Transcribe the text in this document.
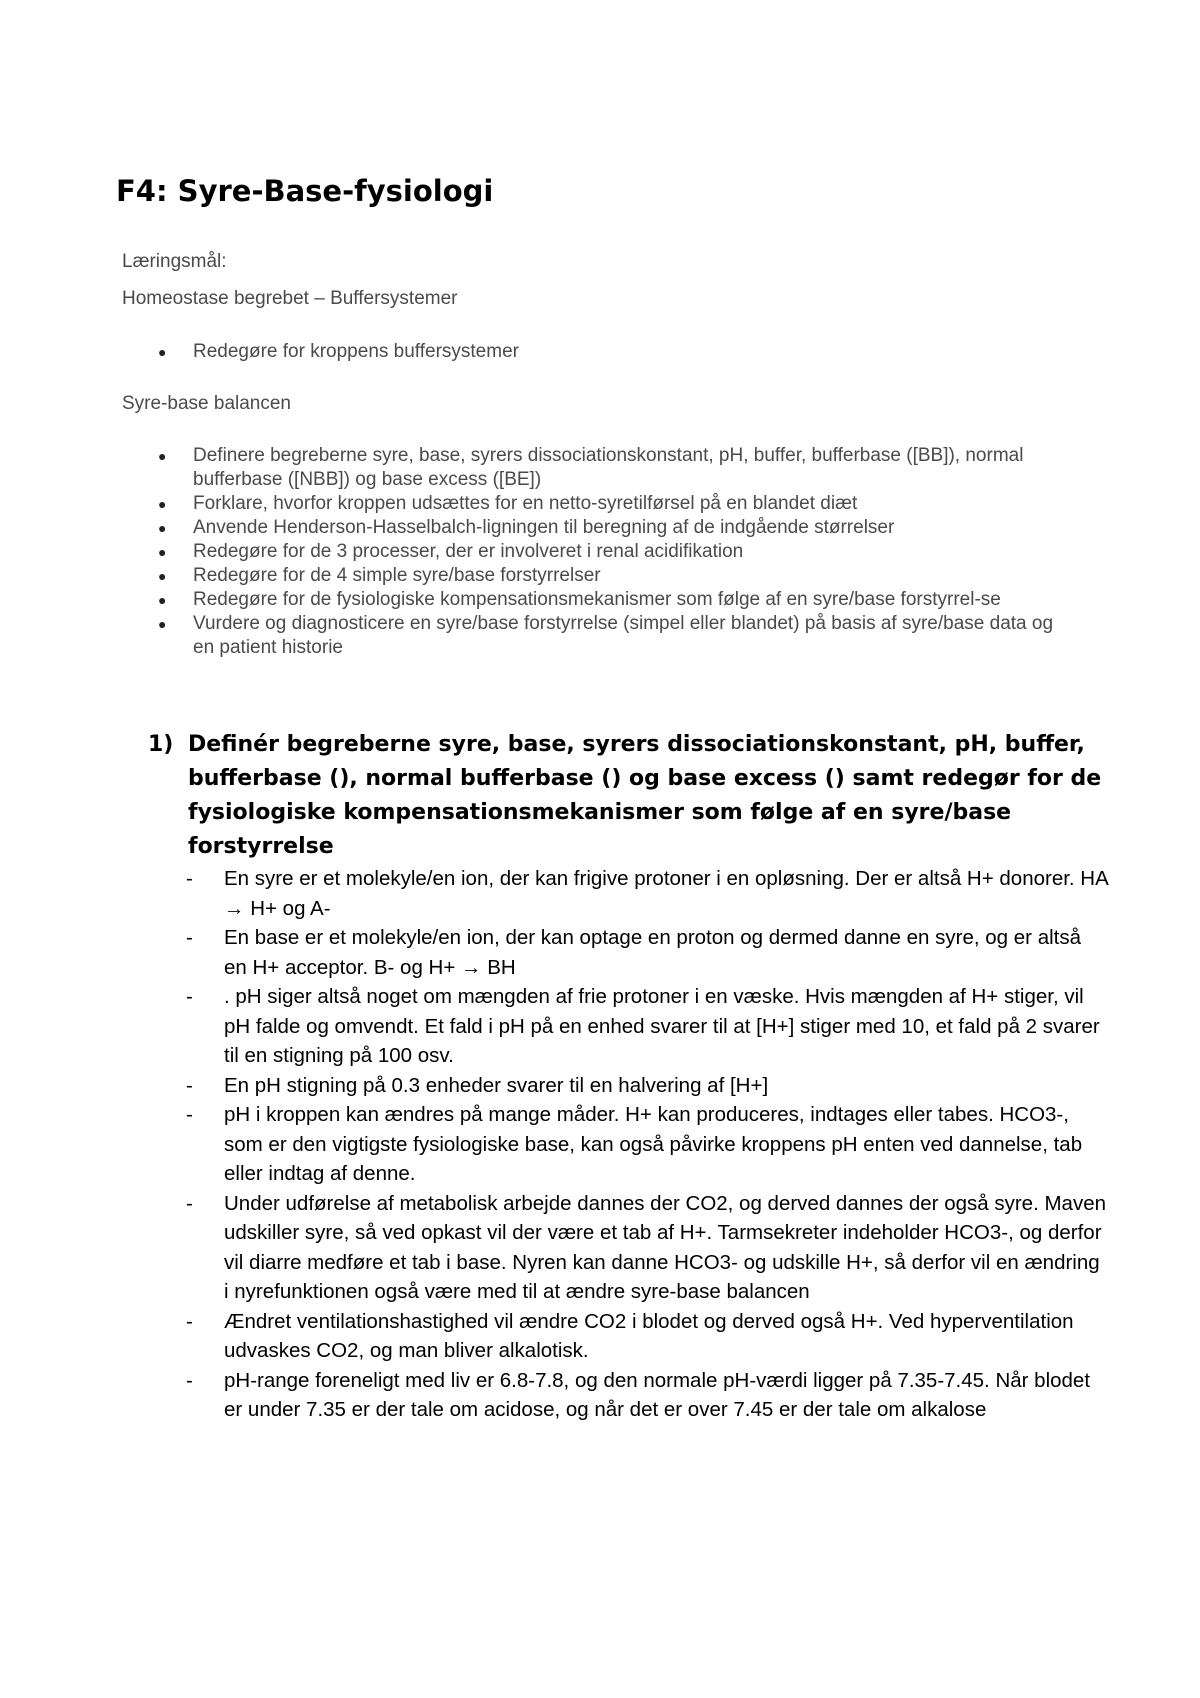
F4: Syre-Base-fysiologi

Læringsmål:

Homeostase begrebet – Buffersystemer

● Redegøre for kroppens buffersystemer

Syre-base balancen

● Definere begreberne syre, base, syrers dissociationskonstant, pH, buffer, bufferbase ([BB]), normal bufferbase ([NBB]) og base excess ([BE])
● Forklare, hvorfor kroppen udsættes for en netto-syretilførsel på en blandet diæt
● Anvende Henderson-Hasselbalch-ligningen til beregning af de indgående størrelser
● Redegøre for de 3 processer, der er involveret i renal acidifikation
● Redegøre for de 4 simple syre/base forstyrrelser
● Redegøre for de fysiologiske kompensationsmekanismer som følge af en syre/base forstyrrel-se
● Vurdere og diagnosticere en syre/base forstyrrelse (simpel eller blandet) på basis af syre/base data og en patient historie
1) Definér begreberne syre, base, syrers dissociationskonstant, pH, buffer, bufferbase (), normal bufferbase () og base excess () samt redegør for de fysiologiske kompensationsmekanismer som følge af en syre/base forstyrrelse
- En syre er et molekyle/en ion, der kan frigive protoner i en opløsning. Der er altså H+ donorer. HA → H+ og A-
- En base er et molekyle/en ion, der kan optage en proton og dermed danne en syre, og er altså en H+ acceptor. B- og H+ → BH
- . pH siger altså noget om mængden af frie protoner i en væske. Hvis mængden af H+ stiger, vil pH falde og omvendt. Et fald i pH på en enhed svarer til at [H+] stiger med 10, et fald på 2 svarer til en stigning på 100 osv.
- En pH stigning på 0.3 enheder svarer til en halvering af [H+]
- pH i kroppen kan ændres på mange måder. H+ kan produceres, indtages eller tabes. HCO3-, som er den vigtigste fysiologiske base, kan også påvirke kroppens pH enten ved dannelse, tab eller indtag af denne.
- Under udførelse af metabolisk arbejde dannes der CO2, og derved dannes der også syre. Maven udskiller syre, så ved opkast vil der være et tab af H+. Tarmsekreter indeholder HCO3-, og derfor vil diarre medføre et tab i base. Nyren kan danne HCO3- og udskille H+, så derfor vil en ændring i nyrefunktionen også være med til at ændre syre-base balancen
- Ændret ventilationshastighed vil ændre CO2 i blodet og derved også H+. Ved hyperventilation udvaskes CO2, og man bliver alkalotisk.
- pH-range foreneligt med liv er 6.8-7.8, og den normale pH-værdi ligger på 7.35-7.45. Når blodet er under 7.35 er der tale om acidose, og når det er over 7.45 er der tale om alkalose
